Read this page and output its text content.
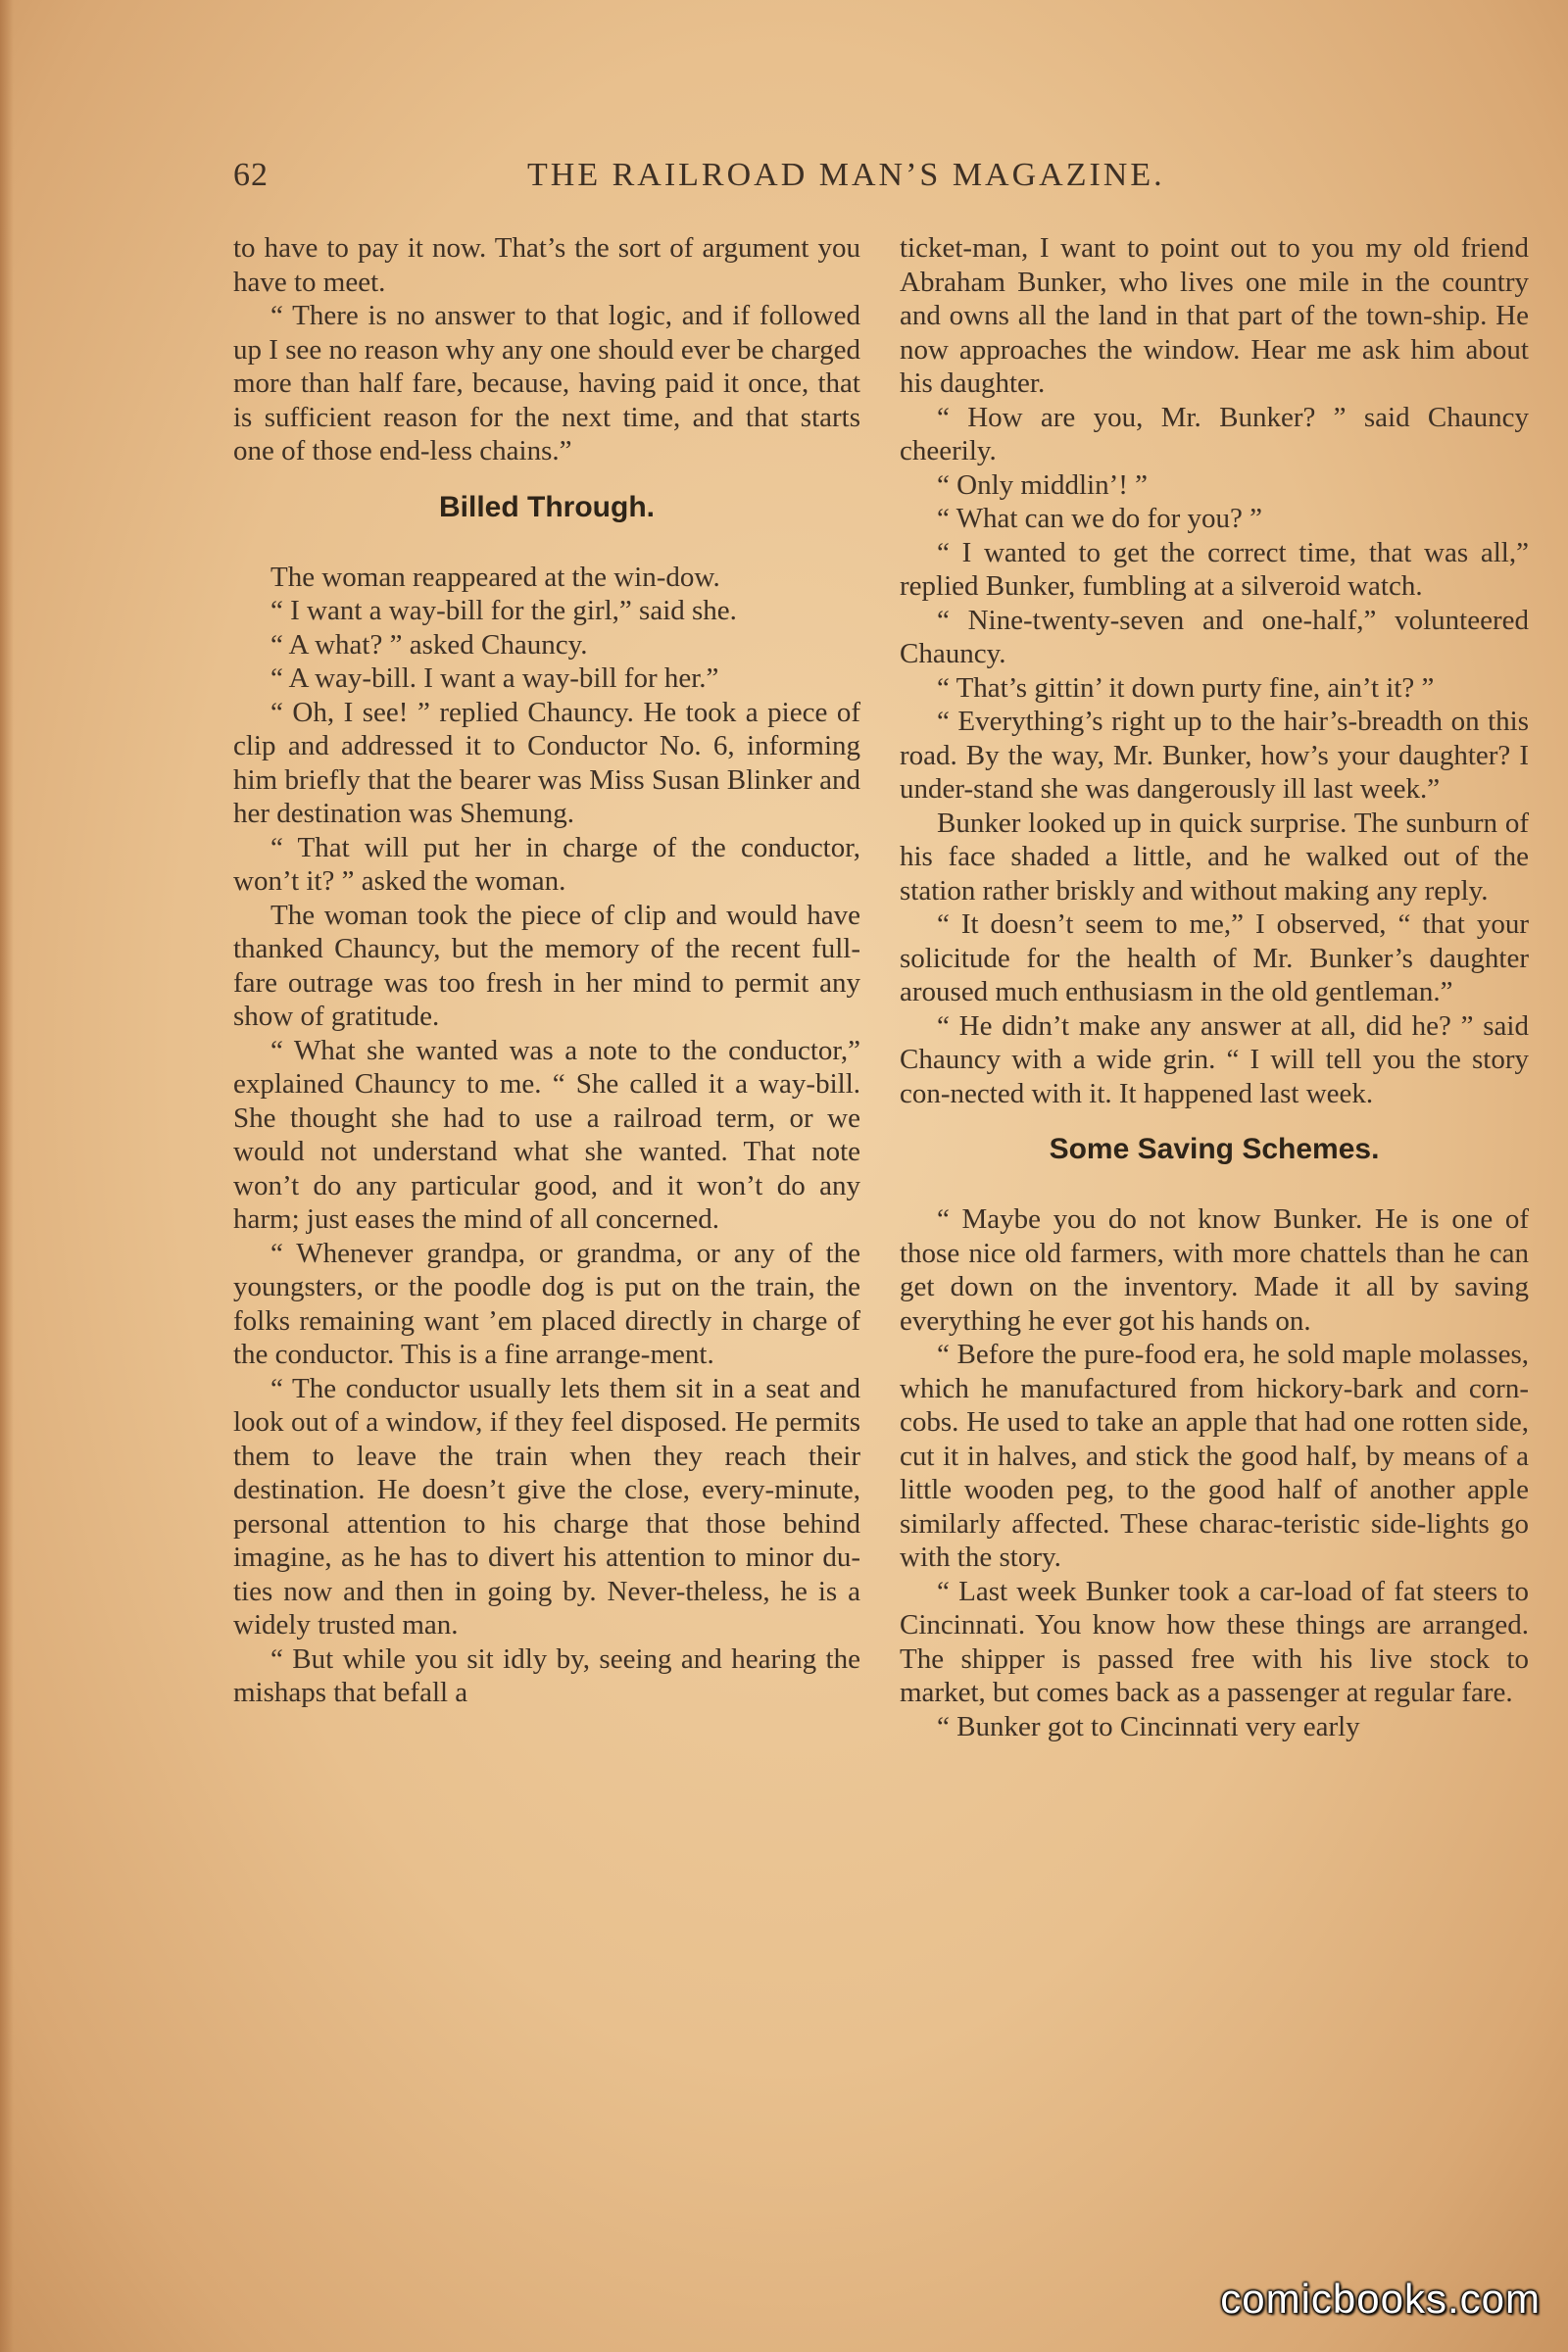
62	THE RAILROAD MAN’S MAGAZINE.

to have to pay it now. That’s the sort of argument you have to meet.

“ There is no answer to that logic, and if followed up I see no reason why any one should ever be charged more than half fare, because, having paid it once, that is sufficient reason for the next time, and that starts one of those end-less chains.”

Billed Through.

The woman reappeared at the win-dow.

“ I want a way-bill for the girl,” said she.

“ A what? ” asked Chauncy.

“ A way-bill. I want a way-bill for her.”

“ Oh, I see! ” replied Chauncy. He took a piece of clip and addressed it to Conductor No. 6, informing him briefly that the bearer was Miss Susan Blinker and her destination was Shemung.

“ That will put her in charge of the conductor, won’t it? ” asked the woman.

The woman took the piece of clip and would have thanked Chauncy, but the memory of the recent full-fare outrage was too fresh in her mind to permit any show of gratitude.

“ What she wanted was a note to the conductor,” explained Chauncy to me. “ She called it a way-bill. She thought she had to use a railroad term, or we would not understand what she wanted. That note won’t do any particular good, and it won’t do any harm; just eases the mind of all concerned.

“ Whenever grandpa, or grandma, or any of the youngsters, or the poodle dog is put on the train, the folks remaining want ’em placed directly in charge of the conductor. This is a fine arrange-ment.

“ The conductor usually lets them sit in a seat and look out of a window, if they feel disposed. He permits them to leave the train when they reach their destination. He doesn’t give the close, every-minute, personal attention to his charge that those behind imagine, as he has to divert his attention to minor du-ties now and then in going by. Never-theless, he is a widely trusted man.

“ But while you sit idly by, seeing and hearing the mishaps that befall a

ticket-man, I want to point out to you my old friend Abraham Bunker, who lives one mile in the country and owns all the land in that part of the town-ship. He now approaches the window. Hear me ask him about his daughter.

“ How are you, Mr. Bunker? ” said Chauncy cheerily.

“ Only middlin’! ”

“ What can we do for you? ”

“ I wanted to get the correct time, that was all,” replied Bunker, fumbling at a silveroid watch.

“ Nine-twenty-seven and one-half,” volunteered Chauncy.

“ That’s gittin’ it down purty fine, ain’t it? ”

“ Everything’s right up to the hair’s-breadth on this road. By the way, Mr. Bunker, how’s your daughter? I under-stand she was dangerously ill last week.”

Bunker looked up in quick surprise. The sunburn of his face shaded a little, and he walked out of the station rather briskly and without making any reply.

“ It doesn’t seem to me,” I observed, “ that your solicitude for the health of Mr. Bunker’s daughter aroused much enthusiasm in the old gentleman.”

“ He didn’t make any answer at all, did he? ” said Chauncy with a wide grin. “ I will tell you the story con-nected with it. It happened last week.

Some Saving Schemes.

“ Maybe you do not know Bunker. He is one of those nice old farmers, with more chattels than he can get down on the inventory. Made it all by saving everything he ever got his hands on.

“ Before the pure-food era, he sold maple molasses, which he manufactured from hickory-bark and corn-cobs. He used to take an apple that had one rotten side, cut it in halves, and stick the good half, by means of a little wooden peg, to the good half of another apple similarly affected. These charac-teristic side-lights go with the story.

“ Last week Bunker took a car-load of fat steers to Cincinnati. You know how these things are arranged. The shipper is passed free with his live stock to market, but comes back as a passenger at regular fare.

“ Bunker got to Cincinnati very early

comicbooks.com
